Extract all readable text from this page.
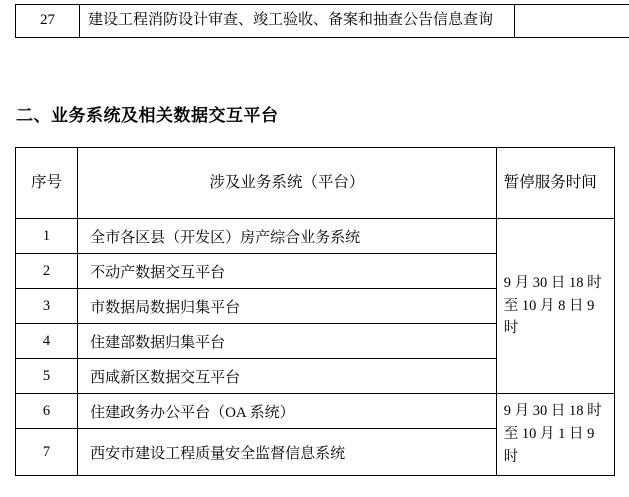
27	建设工程消防设计审查、竣工验收、备案和抽查公告信息查询	
二、业务系统及相关数据交互平台
序号	涉及业务系统（平台）	暂停服务时间
1	全市各区县（开发区）房产综合业务系统	9 月 30 日 18 时至 10 月 8 日 9 时
2	不动产数据交互平台	
3	市数据局数据归集平台	
4	住建部数据归集平台	
5	西咸新区数据交互平台	
6	住建政务办公平台（OA 系统）	9 月 30 日 18 时至 10 月 1 日 9 时
7	西安市建设工程质量安全监督信息系统	
